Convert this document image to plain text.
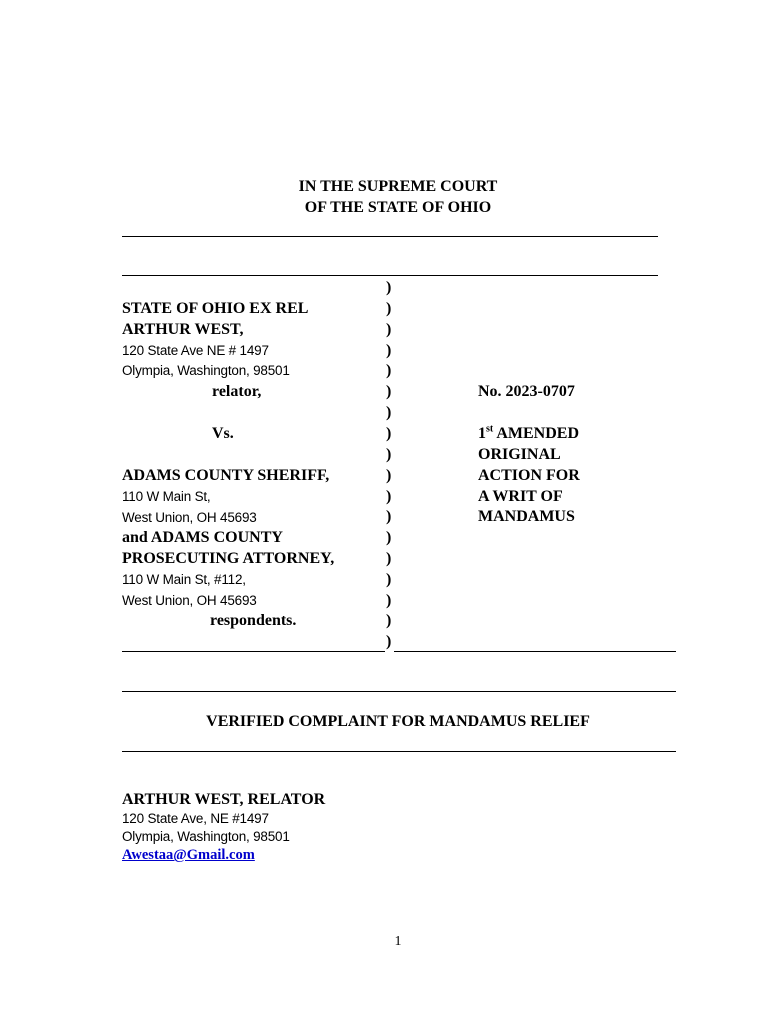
IN THE SUPREME COURT
OF THE STATE OF OHIO
STATE OF OHIO EX REL
ARTHUR WEST,
120 State Ave NE # 1497
Olympia, Washington, 98501
relator,
Vs.
ADAMS COUNTY SHERIFF,
110 W Main St,
West Union, OH 45693
and ADAMS COUNTY
PROSECUTING ATTORNEY,
110 W Main St, #112,
West Union, OH 45693
respondents.
)
)
)
)
)
)
)
)
)
)
)
)
)
)
)
)
)
)
No. 2023-0707
1st AMENDED
ORIGINAL
ACTION FOR
A WRIT OF
MANDAMUS
VERIFIED COMPLAINT FOR MANDAMUS RELIEF
ARTHUR WEST, RELATOR
120 State Ave, NE #1497
Olympia, Washington, 98501
Awestaa@Gmail.com
1
